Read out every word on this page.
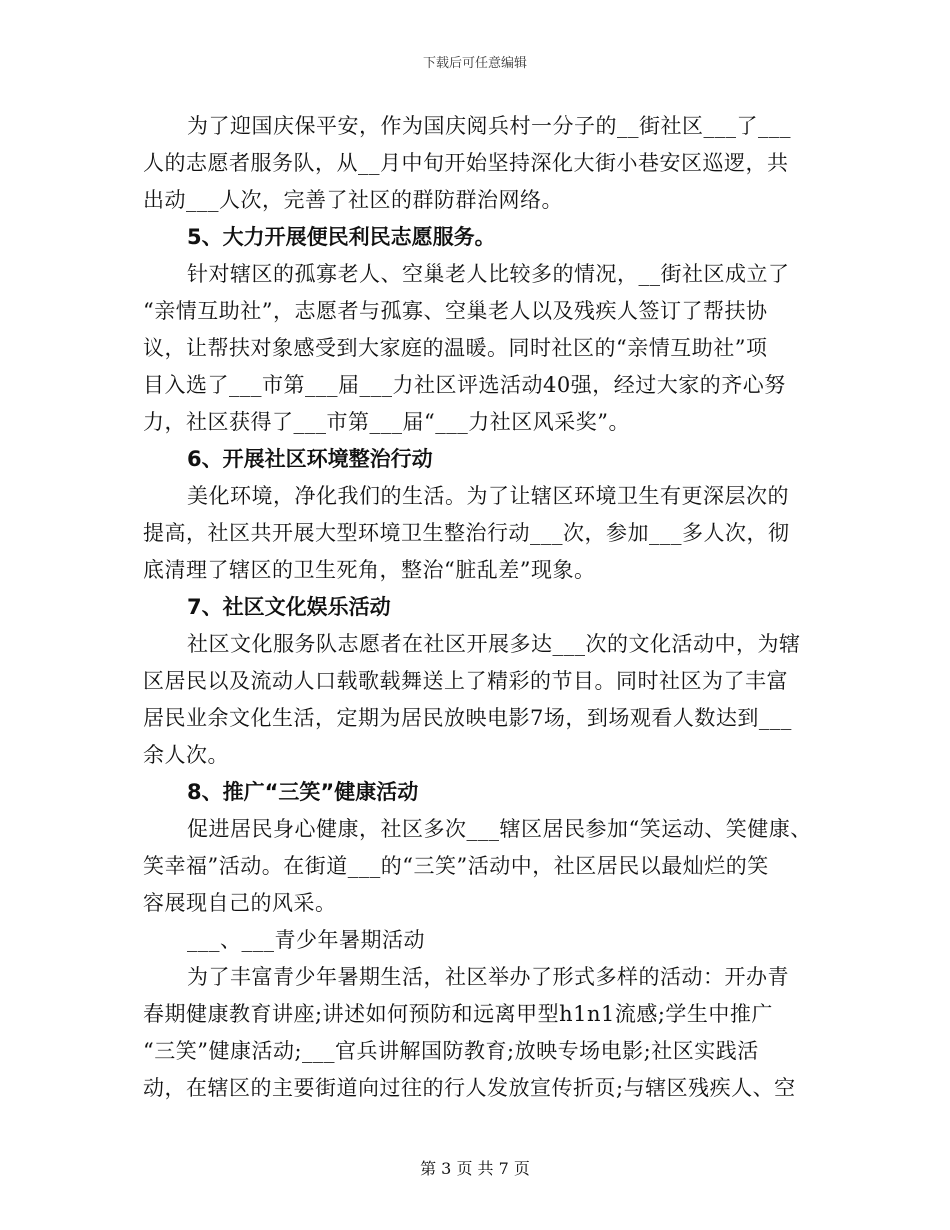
下载后可任意编辑
为了迎国庆保平安，作为国庆阅兵村一分子的__街社区___了___
人的志愿者服务队，从__月中旬开始坚持深化大街小巷安区巡逻，共
出动___人次，完善了社区的群防群治网络。
5、大力开展便民利民志愿服务。
针对辖区的孤寡老人、空巢老人比较多的情况，__街社区成立了
“亲情互助社”，志愿者与孤寡、空巢老人以及残疾人签订了帮扶协
议，让帮扶对象感受到大家庭的温暖。同时社区的“亲情互助社”项
目入选了___市第___届___力社区评选活动40强，经过大家的齐心努
力，社区获得了___市第___届“___力社区风采奖”。
6、开展社区环境整治行动
美化环境，净化我们的生活。为了让辖区环境卫生有更深层次的
提高，社区共开展大型环境卫生整治行动___次，参加___多人次，彻
底清理了辖区的卫生死角，整治“脏乱差”现象。
7、社区文化娱乐活动
社区文化服务队志愿者在社区开展多达___次的文化活动中，为辖
区居民以及流动人口载歌载舞送上了精彩的节目。同时社区为了丰富
居民业余文化生活，定期为居民放映电影7场，到场观看人数达到___
余人次。
8、推广“三笑”健康活动
促进居民身心健康，社区多次___辖区居民参加“笑运动、笑健康、
笑幸福”活动。在街道___的“三笑”活动中，社区居民以最灿烂的笑
容展现自己的风采。
___、___青少年暑期活动
为了丰富青少年暑期生活，社区举办了形式多样的活动：开办青
春期健康教育讲座;讲述如何预防和远离甲型h1n1流感;学生中推广
“三笑”健康活动;___官兵讲解国防教育;放映专场电影;社区实践活
动，在辖区的主要街道向过往的行人发放宣传折页;与辖区残疾人、空
第 3 页 共 7 页
